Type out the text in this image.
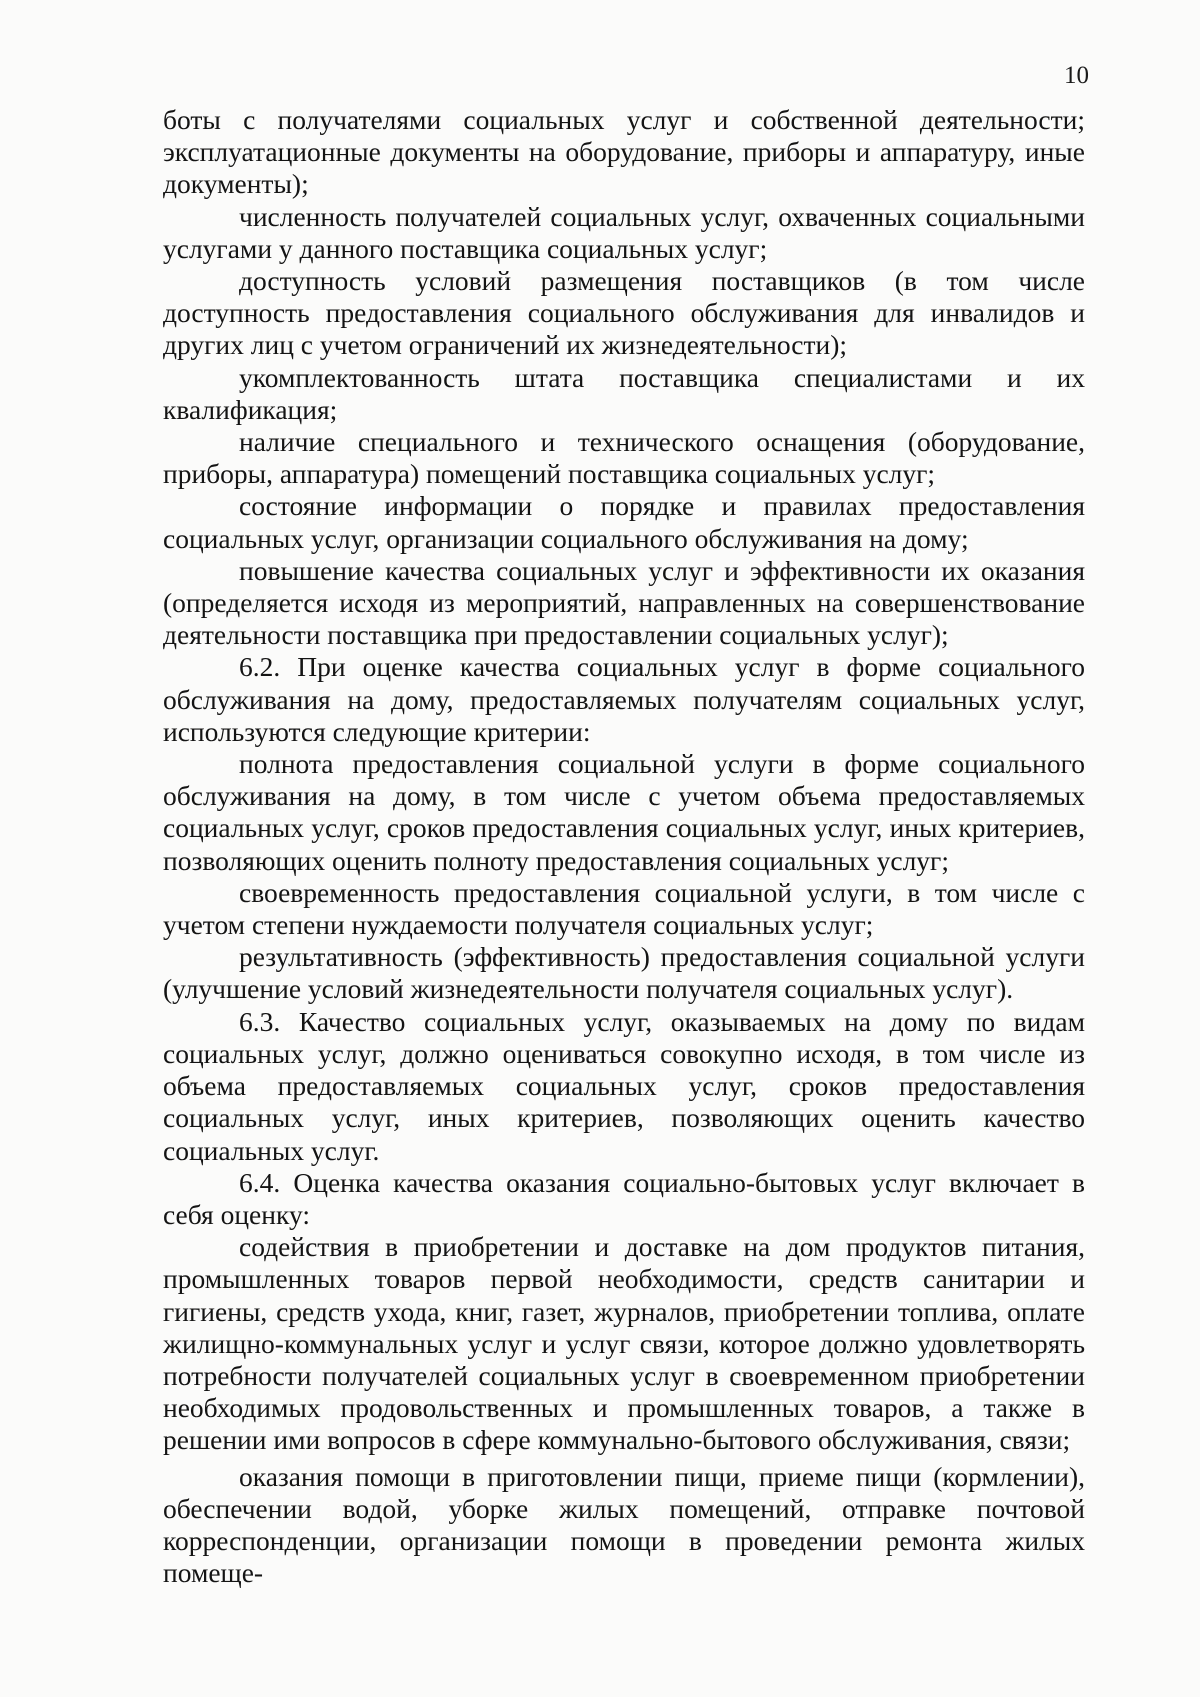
10

боты с получателями социальных услуг и собственной деятельности; эксплуатационные документы на оборудование, приборы и аппаратуру, иные документы);

численность получателей социальных услуг, охваченных социальными услугами у данного поставщика социальных услуг;

доступность условий размещения поставщиков (в том числе доступность предоставления социального обслуживания для инвалидов и других лиц с учетом ограничений их жизнедеятельности);

укомплектованность штата поставщика специалистами и их квалификация;

наличие специального и технического оснащения (оборудование, приборы, аппаратура) помещений поставщика социальных услуг;

состояние информации о порядке и правилах предоставления социальных услуг, организации социального обслуживания на дому;

повышение качества социальных услуг и эффективности их оказания (определяется исходя из мероприятий, направленных на совершенствование деятельности поставщика при предоставлении социальных услуг);

6.2. При оценке качества социальных услуг в форме социального обслуживания на дому, предоставляемых получателям социальных услуг, используются следующие критерии:

полнота предоставления социальной услуги в форме социального обслуживания на дому, в том числе с учетом объема предоставляемых социальных услуг, сроков предоставления социальных услуг, иных критериев, позволяющих оценить полноту предоставления социальных услуг;

своевременность предоставления социальной услуги, в том числе с учетом степени нуждаемости получателя социальных услуг;

результативность (эффективность) предоставления социальной услуги (улучшение условий жизнедеятельности получателя социальных услуг).

6.3. Качество социальных услуг, оказываемых на дому по видам социальных услуг, должно оцениваться совокупно исходя, в том числе из объема предоставляемых социальных услуг, сроков предоставления социальных услуг, иных критериев, позволяющих оценить качество социальных услуг.

6.4. Оценка качества оказания социально-бытовых услуг включает в себя оценку:

содействия в приобретении и доставке на дом продуктов питания, промышленных товаров первой необходимости, средств санитарии и гигиены, средств ухода, книг, газет, журналов, приобретении топлива, оплате жилищно-коммунальных услуг и услуг связи, которое должно удовлетворять потребности получателей социальных услуг в своевременном приобретении необходимых продовольственных и промышленных товаров, а также в решении ими вопросов в сфере коммунально-бытового обслуживания, связи;

оказания помощи в приготовлении пищи, приеме пищи (кормлении), обеспечении водой, уборке жилых помещений, отправке почтовой корреспонденции, организации помощи в проведении ремонта жилых помеще-
